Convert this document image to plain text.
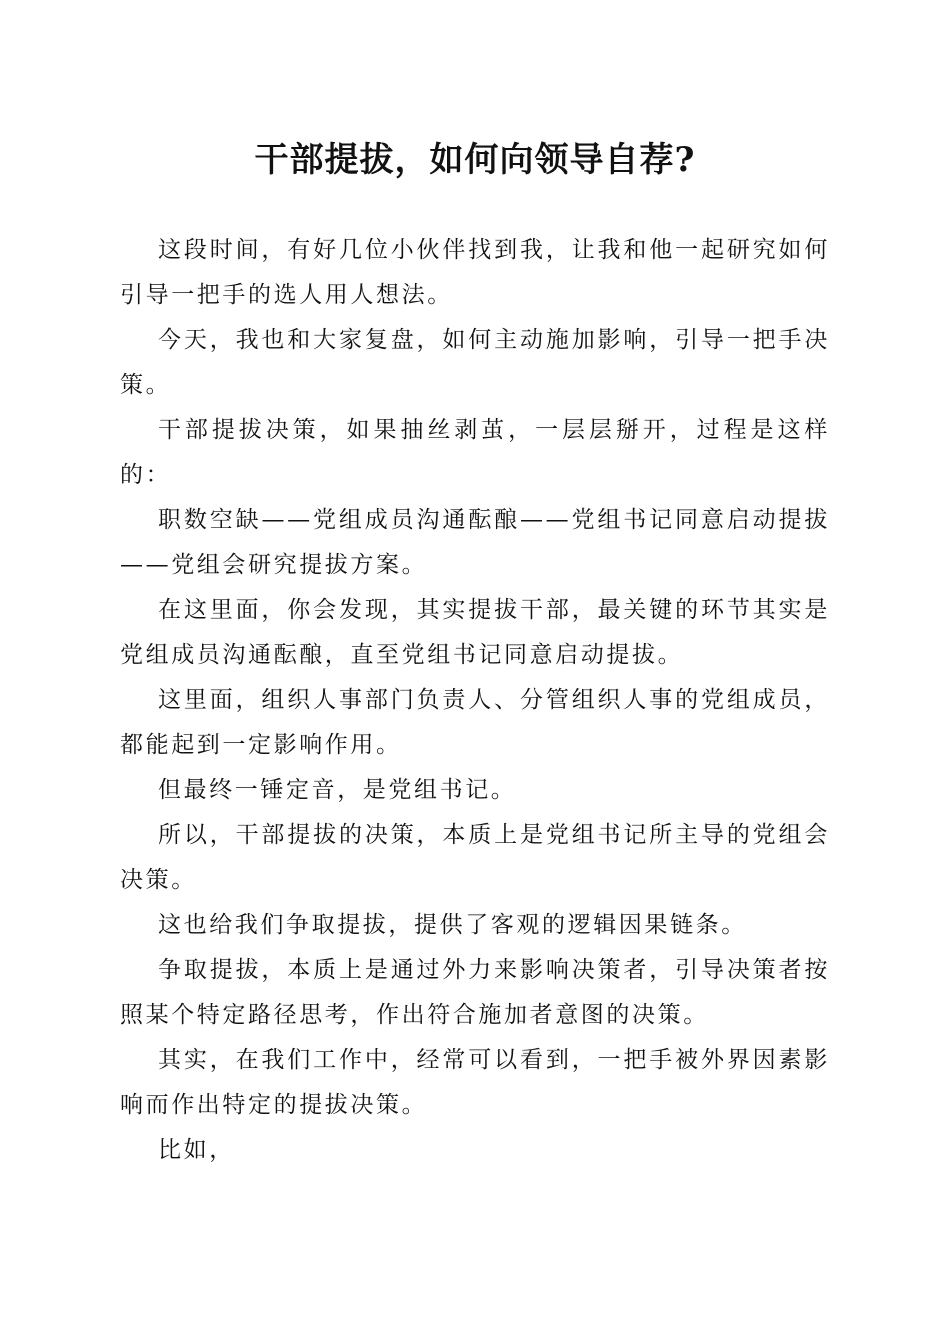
干部提拔，如何向领导自荐?

这段时间，有好几位小伙伴找到我，让我和他一起研究如何引导一把手的选人用人想法。

今天，我也和大家复盘，如何主动施加影响，引导一把手决策。

干部提拔决策，如果抽丝剥茧，一层层掰开，过程是这样的：

职数空缺——党组成员沟通酝酿——党组书记同意启动提拔——党组会研究提拔方案。

在这里面，你会发现，其实提拔干部，最关键的环节其实是党组成员沟通酝酿，直至党组书记同意启动提拔。

这里面，组织人事部门负责人、分管组织人事的党组成员，都能起到一定影响作用。

但最终一锤定音，是党组书记。

所以，干部提拔的决策，本质上是党组书记所主导的党组会决策。

这也给我们争取提拔，提供了客观的逻辑因果链条。

争取提拔，本质上是通过外力来影响决策者，引导决策者按照某个特定路径思考，作出符合施加者意图的决策。

其实，在我们工作中，经常可以看到，一把手被外界因素影响而作出特定的提拔决策。

比如，
